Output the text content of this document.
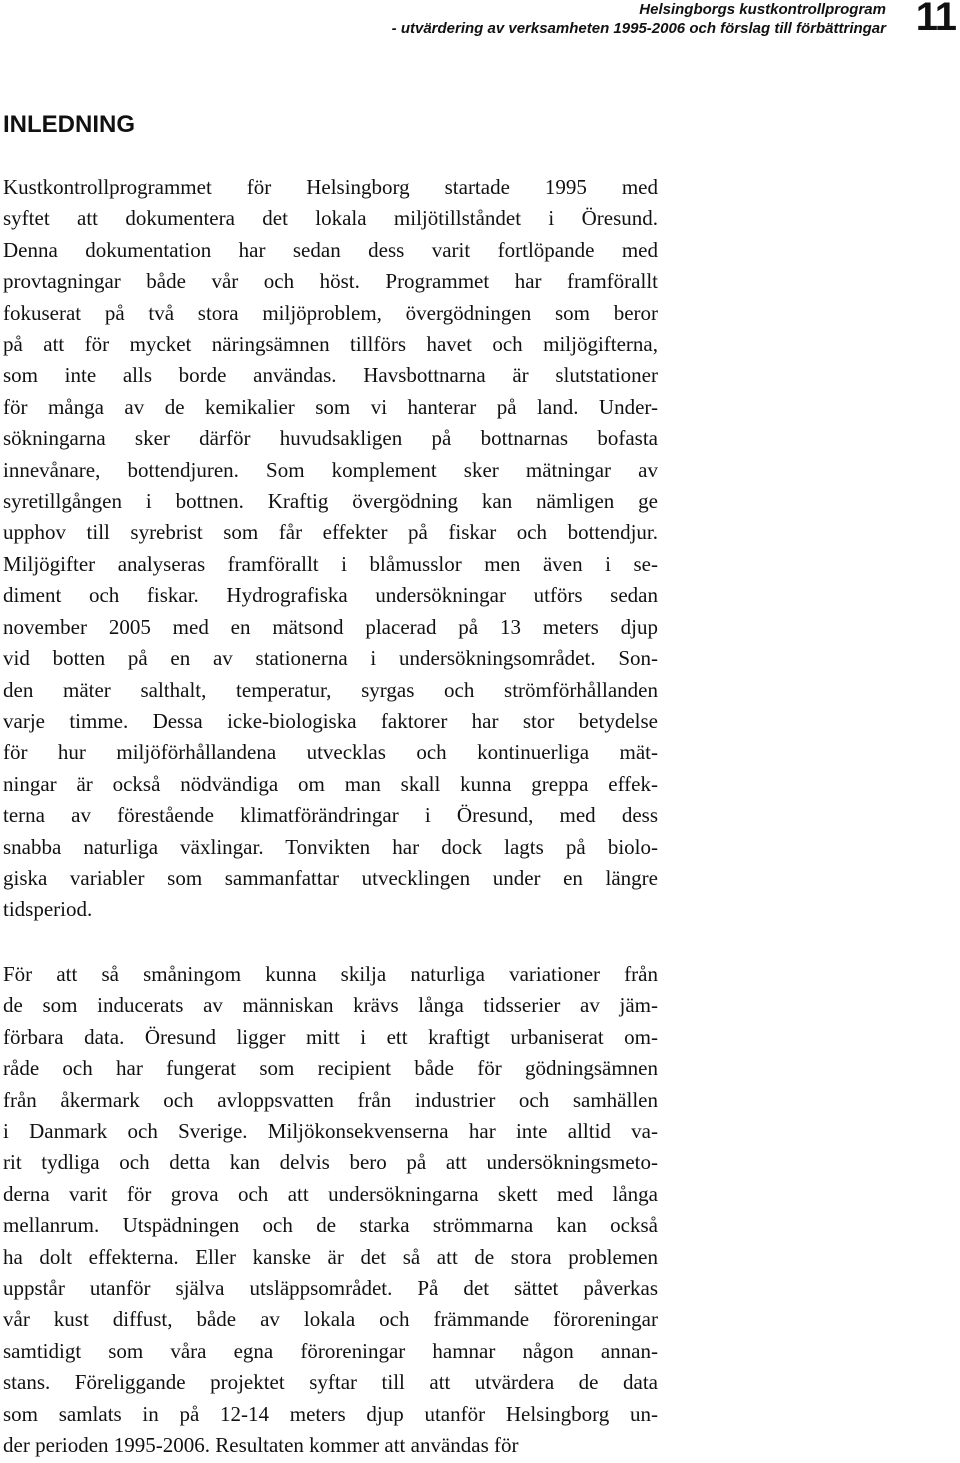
Helsingborgs kustkontrollprogram
- utvärdering av verksamheten 1995-2006 och förslag till förbättringar 11
INLEDNING
Kustkontrollprogrammet för Helsingborg startade 1995 med
syftet att dokumentera det lokala miljötillståndet i Öresund.
Denna dokumentation har sedan dess varit fortlöpande med
provtagningar både vår och höst. Programmet har framförallt
fokuserat på två stora miljöproblem, övergödningen som beror
på att för mycket näringsämnen tillförs havet och miljögifterna,
som inte alls borde användas. Havsbottnarna är slutstationer
för många av de kemikalier som vi hanterar på land. Under-
sökningarna sker därför huvudsakligen på bottnarnas bofasta
innevånare, bottendjuren. Som komplement sker mätningar av
syretillgången i bottnen. Kraftig övergödning kan nämligen ge
upphov till syrebrist som får effekter på fiskar och bottendjur.
Miljögifter analyseras framförallt i blåmusslor men även i se-
diment och fiskar. Hydrografiska undersökningar utförs sedan
november 2005 med en mätsond placerad på 13 meters djup
vid botten på en av stationerna i undersökningsområdet. Son-
den mäter salthalt, temperatur, syrgas och strömförhållanden
varje timme. Dessa icke-biologiska faktorer har stor betydelse
för hur miljöförhållandena utvecklas och kontinuerliga mät-
ningar är också nödvändiga om man skall kunna greppa effek-
terna av förestående klimatförändringar i Öresund, med dess
snabba naturliga växlingar. Tonvikten har dock lagts på biolo-
giska variabler som sammanfattar utvecklingen under en längre
tidsperiod.
För att så småningom kunna skilja naturliga variationer från
de som inducerats av människan krävs långa tidsserier av jäm-
förbara data. Öresund ligger mitt i ett kraftigt urbaniserat om-
råde och har fungerat som recipient både för gödningsämnen
från åkermark och avloppsvatten från industrier och samhällen
i Danmark och Sverige. Miljökonsekvenserna har inte alltid va-
rit tydliga och detta kan delvis bero på att undersökningsmeto-
derna varit för grova och att undersökningarna skett med långa
mellanrum. Utspädningen och de starka strömmarna kan också
ha dolt effekterna. Eller kanske är det så att de stora problemen
uppstår utanför själva utsläppsområdet. På det sättet påverkas
vår kust diffust, både av lokala och främmande föroreningar
samtidigt som våra egna föroreningar hamnar någon annan-
stans. Föreliggande projektet syftar till att utvärdera de data
som samlats in på 12-14 meters djup utanför Helsingborg un-
der perioden 1995-2006. Resultaten kommer att användas för
